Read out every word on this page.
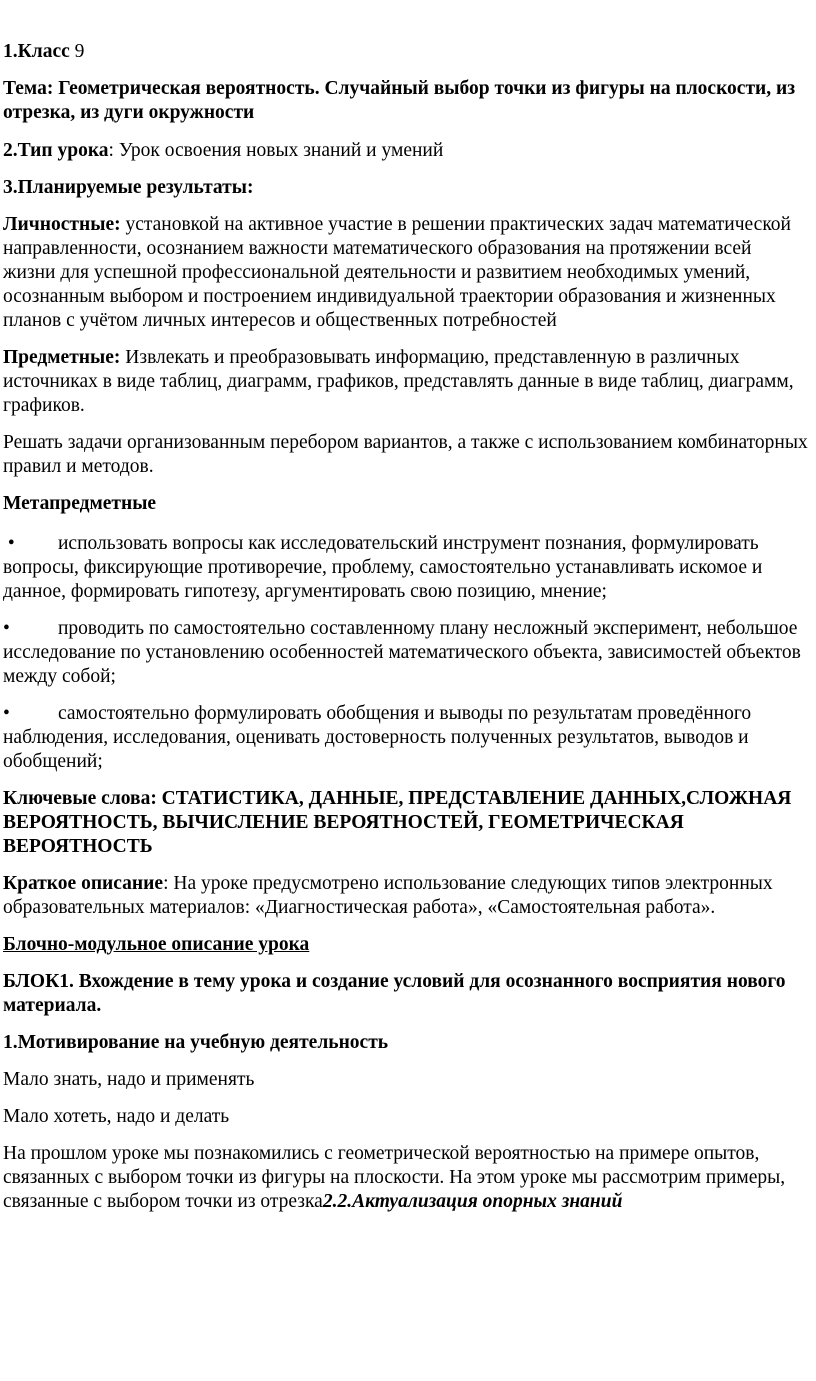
1.Класс 9

Тема: Геометрическая вероятность. Случайный выбор точки из фигуры на плоскости, из отрезка, из дуги окружности

2.Тип урока: Урок освоения новых знаний и умений

3.Планируемые результаты:

Личностные: установкой на активное участие в решении практических задач математической направленности, осознанием важности математического образования на протяжении всей жизни для успешной профессиональной деятельности и развитием необходимых умений, осознанным выбором и построением индивидуальной траектории образования и жизненных планов с учётом личных интересов и общественных потребностей

Предметные: Извлекать и преобразовывать информацию, представленную в различных источниках в виде таблиц, диаграмм, графиков, представлять данные в виде таблиц, диаграмм, графиков.

Решать задачи организованным перебором вариантов, а также с использованием комбинаторных правил и методов.

Метапредметные

• использовать вопросы как исследовательский инструмент познания, формулировать вопросы, фиксирующие противоречие, проблему, самостоятельно устанавливать искомое и данное, формировать гипотезу, аргументировать свою позицию, мнение;

• проводить по самостоятельно составленному плану несложный эксперимент, небольшое исследование по установлению особенностей математического объекта, зависимостей объектов между собой;

• самостоятельно формулировать обобщения и выводы по результатам проведённого наблюдения, исследования, оценивать достоверность полученных результатов, выводов и обобщений;

Ключевые слова: СТАТИСТИКА, ДАННЫЕ, ПРЕДСТАВЛЕНИЕ ДАННЫХ,СЛОЖНАЯ ВЕРОЯТНОСТЬ, ВЫЧИСЛЕНИЕ ВЕРОЯТНОСТЕЙ, ГЕОМЕТРИЧЕСКАЯ ВЕРОЯТНОСТЬ

Краткое описание: На уроке предусмотрено использование следующих типов электронных образовательных материалов: «Диагностическая работа», «Самостоятельная работа».

Блочно-модульное описание урока

БЛОК1. Вхождение в тему урока и создание условий для осознанного восприятия нового материала.

1.Мотивирование на учебную деятельность

Мало знать, надо и применять

Мало хотеть, надо и делать

На прошлом уроке мы познакомились с геометрической вероятностью на примере опытов, связанных с выбором точки из фигуры на плоскости. На этом уроке мы рассмотрим примеры, связанные с выбором точки из отрезка2.2.Актуализация опорных знаний
